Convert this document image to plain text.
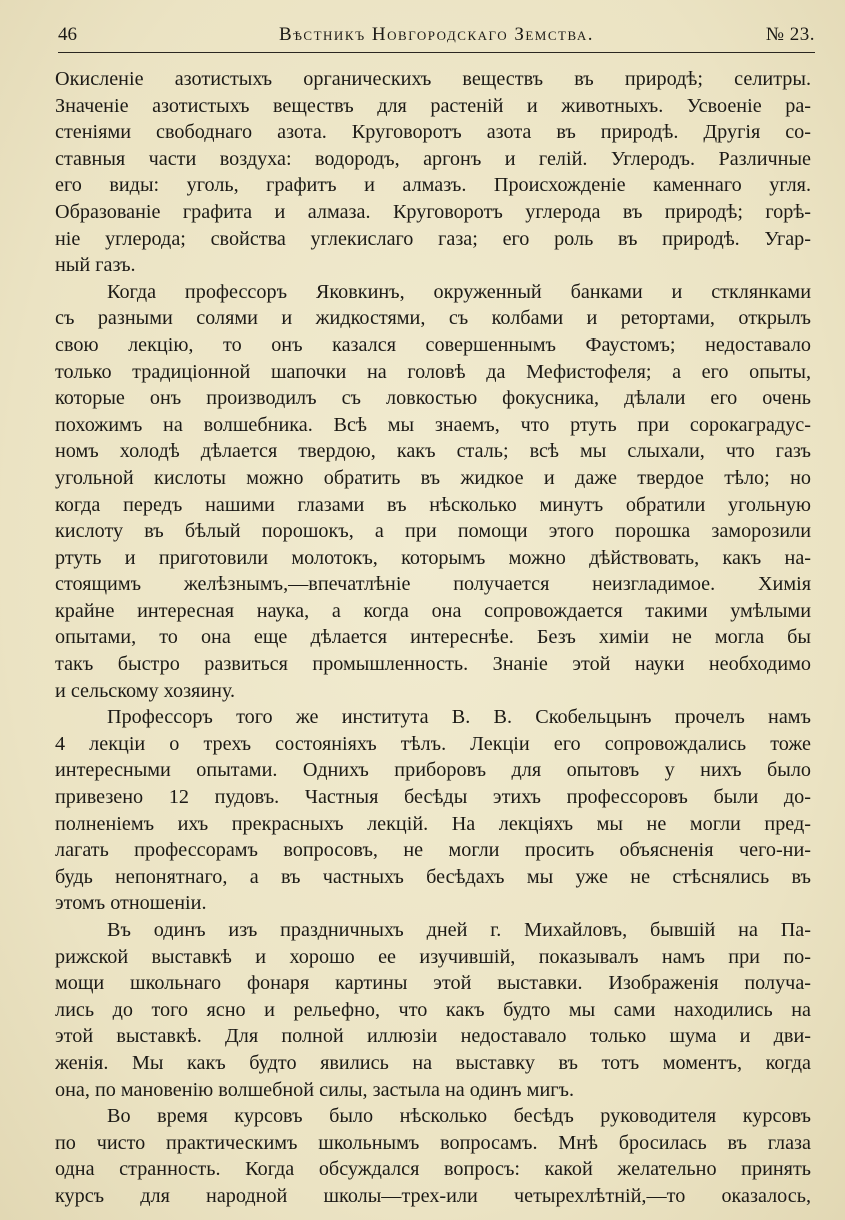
46	Вѣстникъ Новгородскаго Земства.	№ 23.
Окисленіе азотистыхъ органическихъ веществъ въ природѣ; селитры.
Значеніе азотистыхъ веществъ для растеній и животныхъ. Усвоеніе ра-
стеніями свободнаго азота. Круговоротъ азота въ природѣ. Другія со-
ставныя части воздуха: водородъ, аргонъ и гелій. Углеродъ. Различные
его виды: уголь, графитъ и алмазъ. Происхожденіе каменнаго угля.
Образованіе графита и алмаза. Круговоротъ углерода въ природѣ; горѣ-
ніе углерода; свойства углекислаго газа; его роль въ природѣ. Угар-
ный газъ.
Когда профессоръ Яковкинъ, окруженный банками и стклянками
съ разными солями и жидкостями, съ колбами и ретортами, открылъ
свою лекцію, то онъ казался совершеннымъ Фаустомъ; недоставало
только традиціонной шапочки на головѣ да Мефистофеля; а его опыты,
которые онъ производилъ съ ловкостью фокусника, дѣлали его очень
похожимъ на волшебника. Всѣ мы знаемъ, что ртуть при сорокаградус-
номъ холодѣ дѣлается твердою, какъ сталь; всѣ мы слыхали, что газъ
угольной кислоты можно обратить въ жидкое и даже твердое тѣло; но
когда передъ нашими глазами въ нѣсколько минутъ обратили угольную
кислоту въ бѣлый порошокъ, а при помощи этого порошка заморозили
ртуть и приготовили молотокъ, которымъ можно дѣйствовать, какъ на-
стоящимъ желѣзнымъ,—впечатлѣніе получается неизгладимое. Химія
крайне интересная наука, а когда она сопровождается такими умѣлыми
опытами, то она еще дѣлается интереснѣе. Безъ химіи не могла бы
такъ быстро развиться промышленность. Знаніе этой науки необходимо
и сельскому хозяину.
Профессоръ того же института В. В. Скобельцынъ прочелъ намъ
4 лекціи о трехъ состояніяхъ тѣлъ. Лекціи его сопровождались тоже
интересными опытами. Однихъ приборовъ для опытовъ у нихъ было
привезено 12 пудовъ. Частныя бесѣды этихъ профессоровъ были до-
полненіемъ ихъ прекрасныхъ лекцій. На лекціяхъ мы не могли пред-
лагать профессорамъ вопросовъ, не могли просить объясненія чего-ни-
будь непонятнаго, а въ частныхъ бесѣдахъ мы уже не стѣснялись въ
этомъ отношеніи.
Въ одинъ изъ праздничныхъ дней г. Михайловъ, бывшій на Па-
рижской выставкѣ и хорошо ее изучившій, показывалъ намъ при по-
мощи школьнаго фонаря картины этой выставки. Изображенія получа-
лись до того ясно и рельефно, что какъ будто мы сами находились на
этой выставкѣ. Для полной иллюзіи недоставало только шума и дви-
женія. Мы какъ будто явились на выставку въ тотъ моментъ, когда
она, по мановенію волшебной силы, застыла на одинъ мигъ.
Во время курсовъ было нѣсколько бесѣдъ руководителя курсовъ
по чисто практическимъ школьнымъ вопросамъ. Мнѣ бросилась въ глаза
одна странность. Когда обсуждался вопросъ: какой желательно принять
курсъ для народной школы—трех-или четырехлѣтній,—то оказалось,
